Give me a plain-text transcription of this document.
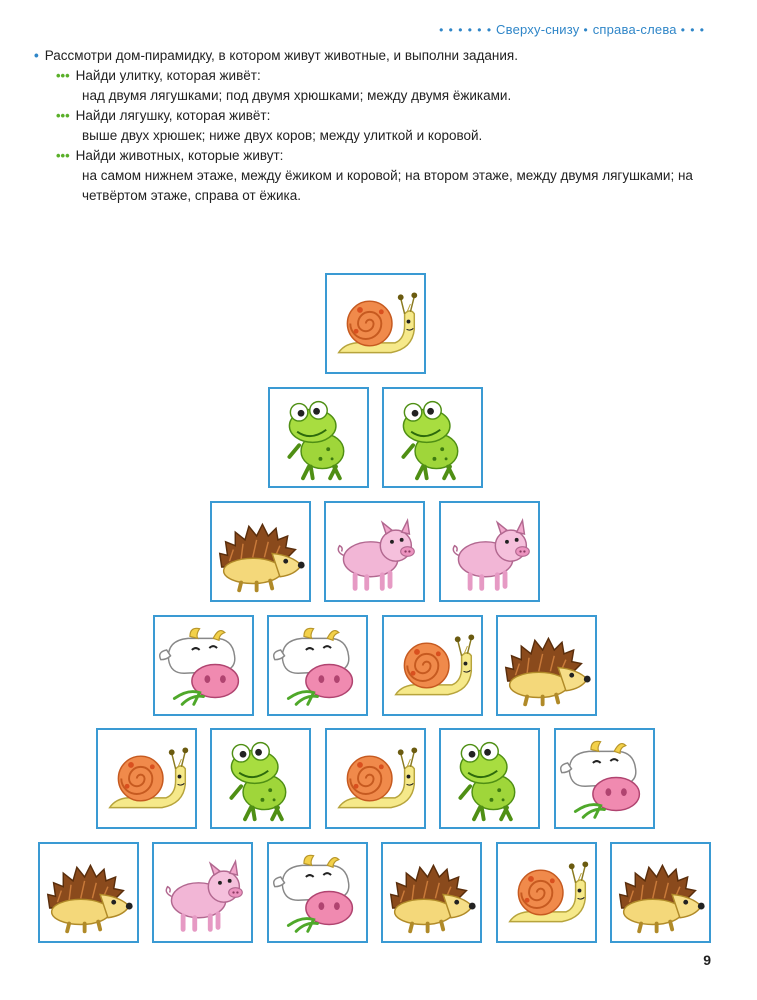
• • • • • • Сверху-снизу • справа-слева • • •
• Рассмотри дом-пирамидку, в котором живут животные, и выполни задания.
••• Найди улитку, которая живёт:
над двумя лягушками; под двумя хрюшками; между двумя ёжиками.
••• Найди лягушку, которая живёт:
выше двух хрюшек; ниже двух коров; между улиткой и коровой.
••• Найди животных, которые живут:
на самом нижнем этаже, между ёжиком и коровой; на втором этаже, между двумя лягушками; на четвёртом этаже, справа от ёжика.
9
